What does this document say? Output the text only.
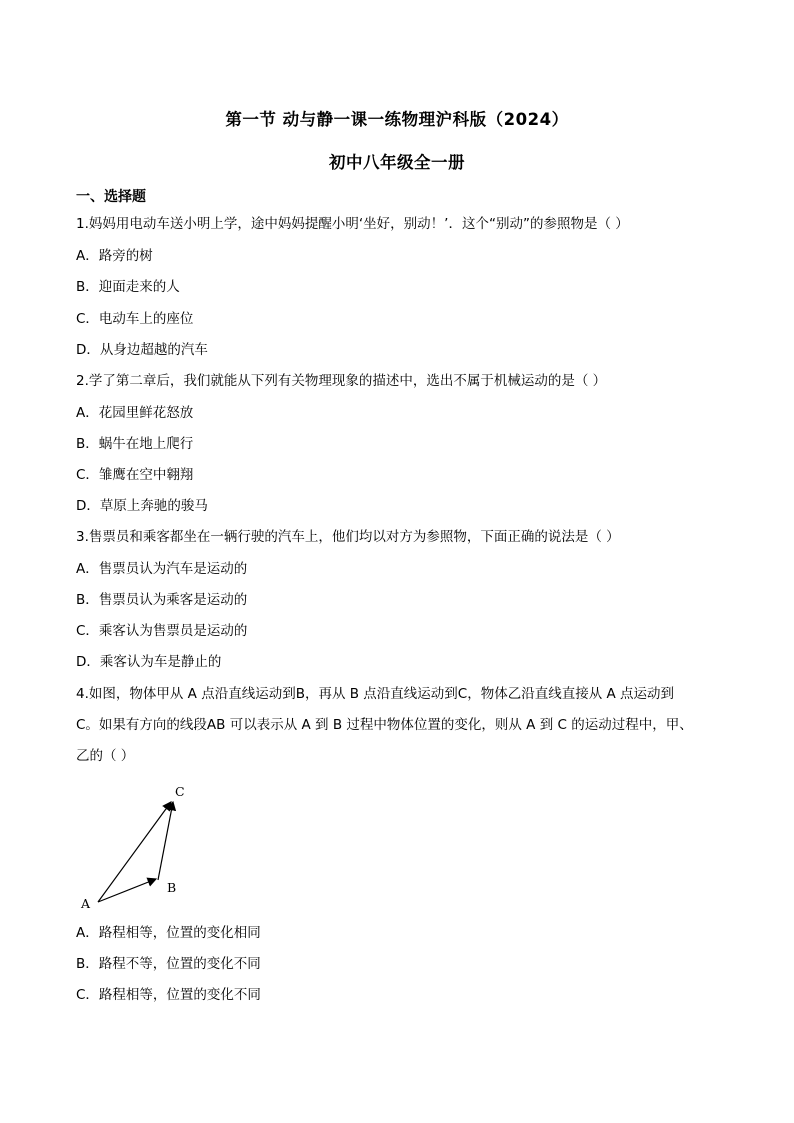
第一节 动与静一课一练物理沪科版（2024）
初中八年级全一册
一、选择题
1.妈妈用电动车送小明上学，途中妈妈提醒小明‘坐好，别动！’．这个“别动”的参照物是（ ）
A．路旁的树
B．迎面走来的人
C．电动车上的座位
D．从身边超越的汽车
2.学了第二章后，我们就能从下列有关物理现象的描述中，选出不属于机械运动的是（ ）
A．花园里鲜花怒放
B．蜗牛在地上爬行
C．雏鹰在空中翱翔
D．草原上奔驰的骏马
3.售票员和乘客都坐在一辆行驶的汽车上，他们均以对方为参照物，下面正确的说法是（ ）
A．售票员认为汽车是运动的
B．售票员认为乘客是运动的
C．乘客认为售票员是运动的
D．乘客认为车是静止的
4.如图，物体甲从 A 点沿直线运动到B，再从 B 点沿直线运动到C，物体乙沿直线直接从 A 点运动到
C。如果有方向的线段AB 可以表示从 A 到 B 过程中物体位置的变化，则从 A 到 C 的运动过程中，甲、
乙的（ ）
A
B
C
A．路程相等，位置的变化相同
B．路程不等，位置的变化不同
C．路程相等，位置的变化不同
